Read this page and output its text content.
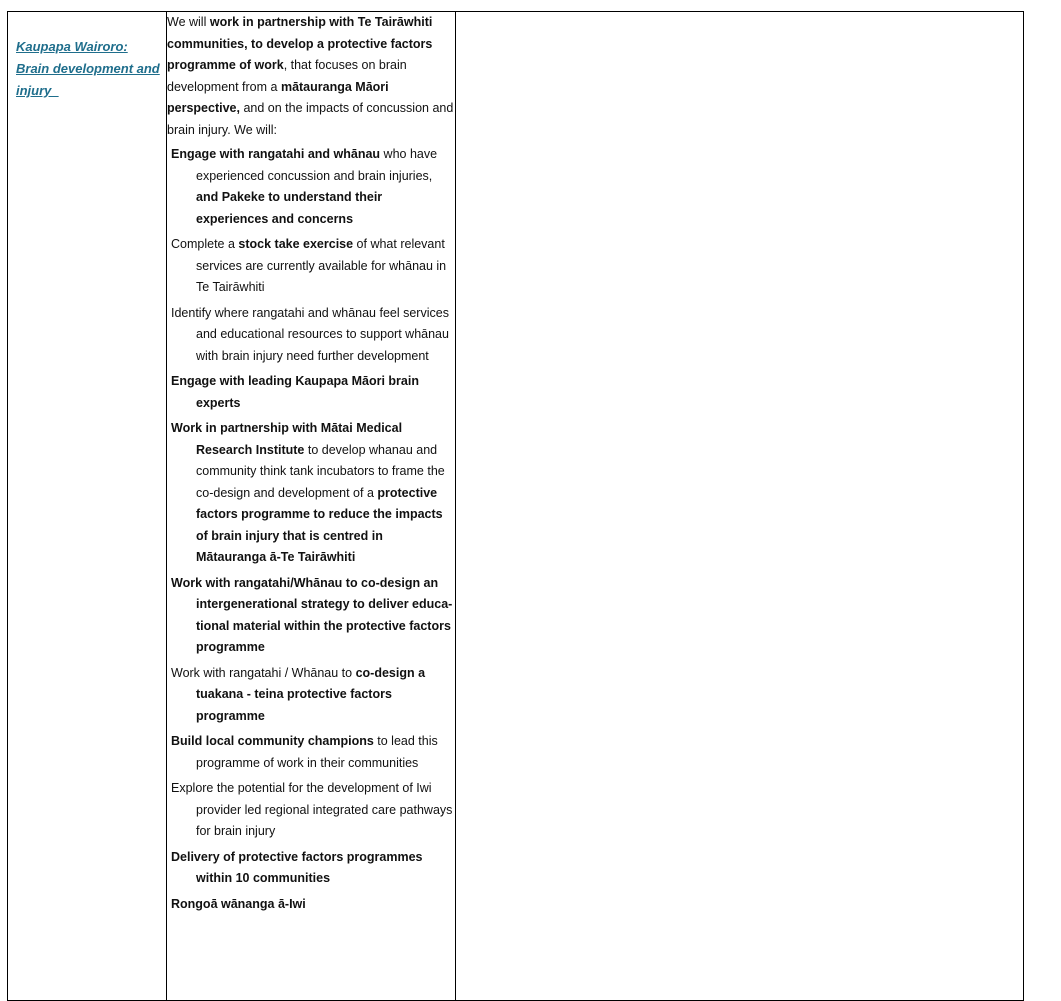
Kaupapa Wairoro: Brain development and injury_

We will work in partnership with Te Tairāwhiti communities, to develop a protective factors programme of work, that focuses on brain development from a mātauranga Māori perspective, and on the impacts of concussion and brain injury. We will:

Engage with rangatahi and whānau who have experienced concussion and brain injuries, and Pakeke to understand their experiences and concerns
Complete a stock take exercise of what relevant services are currently available for whānau in Te Tairāwhiti
Identify where rangatahi and whānau feel services and educational resources to support whānau with brain injury need further development
Engage with leading Kaupapa Māori brain experts
Work in partnership with Mātai Medical Research Institute to develop whanau and community think tank incubators to frame the co-design and development of a protective factors programme to reduce the impacts of brain injury that is centred in Mātauranga ā-Te Tairāwhiti
Work with rangatahi/Whānau to co-design an intergenerational strategy to deliver educa-tional material within the protective factors programme
Work with rangatahi / Whānau to co-design a tuakana - teina protective factors programme
Build local community champions to lead this programme of work in their communities
Explore the potential for the development of Iwi provider led regional integrated care pathways for brain injury
Delivery of protective factors programmes within 10 communities
Rongoā wānanga ā-Iwi
